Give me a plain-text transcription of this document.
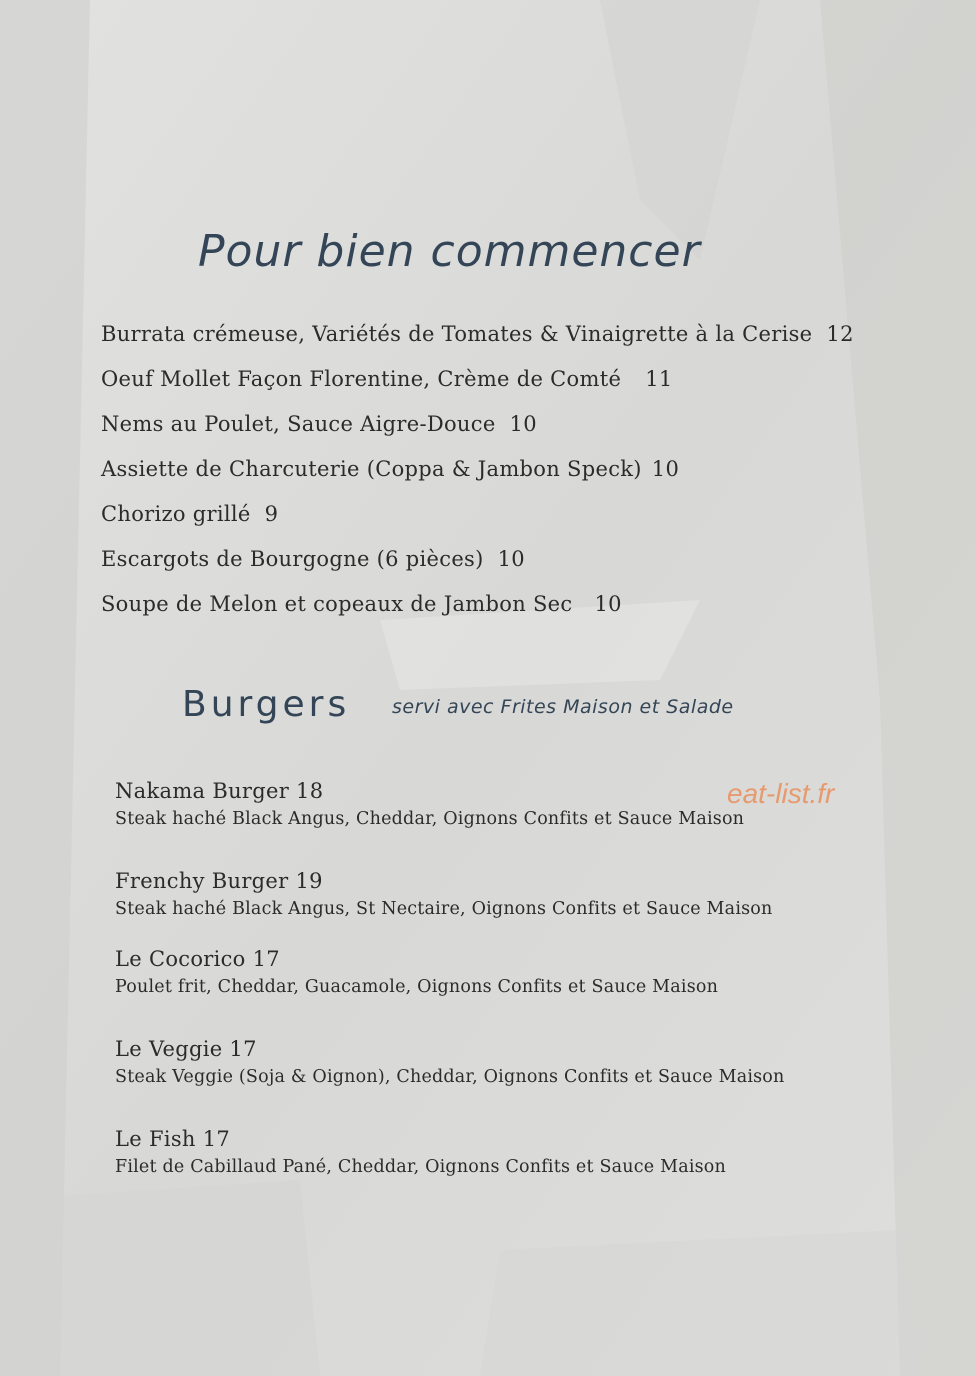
Pour bien commencer
Burrata crémeuse, Variétés de Tomates & Vinaigrette à la Cerise 12
Oeuf Mollet Façon Florentine, Crème de Comté 11
Nems au Poulet, Sauce Aigre-Douce 10
Assiette de Charcuterie (Coppa & Jambon Speck) 10
Chorizo grillé 9
Escargots de Bourgogne (6 pièces) 10
Soupe de Melon et copeaux de Jambon Sec 10
Burgers servi avec Frites Maison et Salade
Nakama Burger 18
Steak haché Black Angus, Cheddar, Oignons Confits et Sauce Maison
Frenchy Burger 19
Steak haché Black Angus, St Nectaire, Oignons Confits et Sauce Maison
Le Cocorico 17
Poulet frit, Cheddar, Guacamole, Oignons Confits et Sauce Maison
Le Veggie 17
Steak Veggie (Soja & Oignon), Cheddar, Oignons Confits et Sauce Maison
Le Fish 17
Filet de Cabillaud Pané, Cheddar, Oignons Confits et Sauce Maison
eat-list.fr
